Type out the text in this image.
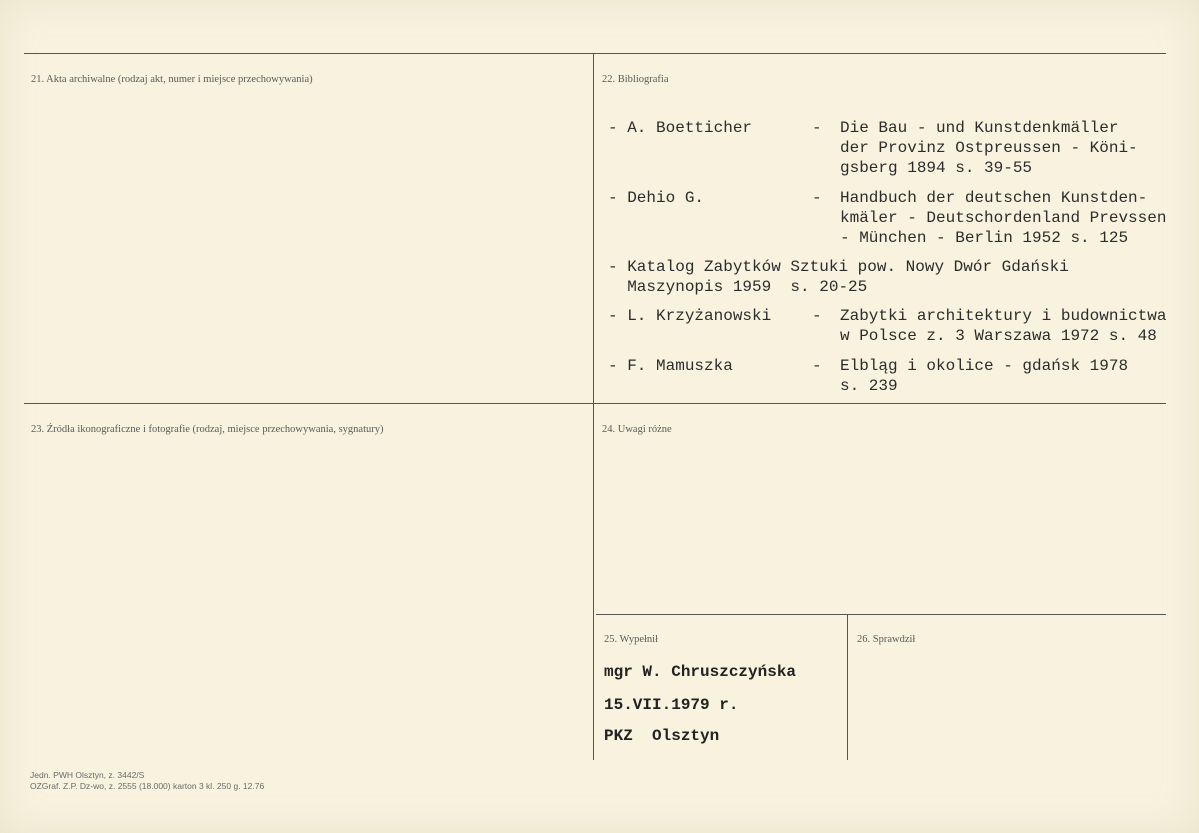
21. Akta archiwalne (rodzaj akt, numer i miejsce przechowywania)	22. Bibliografia
23. Źródła ikonograficzne i fotografie (rodzaj, miejsce przechowywania, sygnatury)	24. Uwagi różne
25. Wypełnił	26. Sprawdził
- A. Boetticher	- Die Bau - und Kunstdenkmäller
der Provinz Ostpreussen - Köni-
gsberg 1894 s. 39-55
- Dehio G.	- Handbuch der deutschen Kunstden-
kmäler - Deutschordenland Prevssen
- München - Berlin 1952 s. 125
- Katalog Zabytków Sztuki pow. Nowy Dwór Gdański
Maszynopis 1959  s. 20-25
- L. Krzyżanowski	- Zabytki architektury i budownictwa
w Polsce z. 3 Warszawa 1972 s. 48
- F. Mamuszka	- Elbląg i okolice - gdańsk 1978
s. 239
mgr W. Chruszczyńska
15.VII.1979 r.
PKZ  Olsztyn
Jedn. PWH Olsztyn, z. 3442/S
OZGraf. Z.P. Dz-wo, z. 2555 (18.000) karton 3 kl. 250 g. 12.76
